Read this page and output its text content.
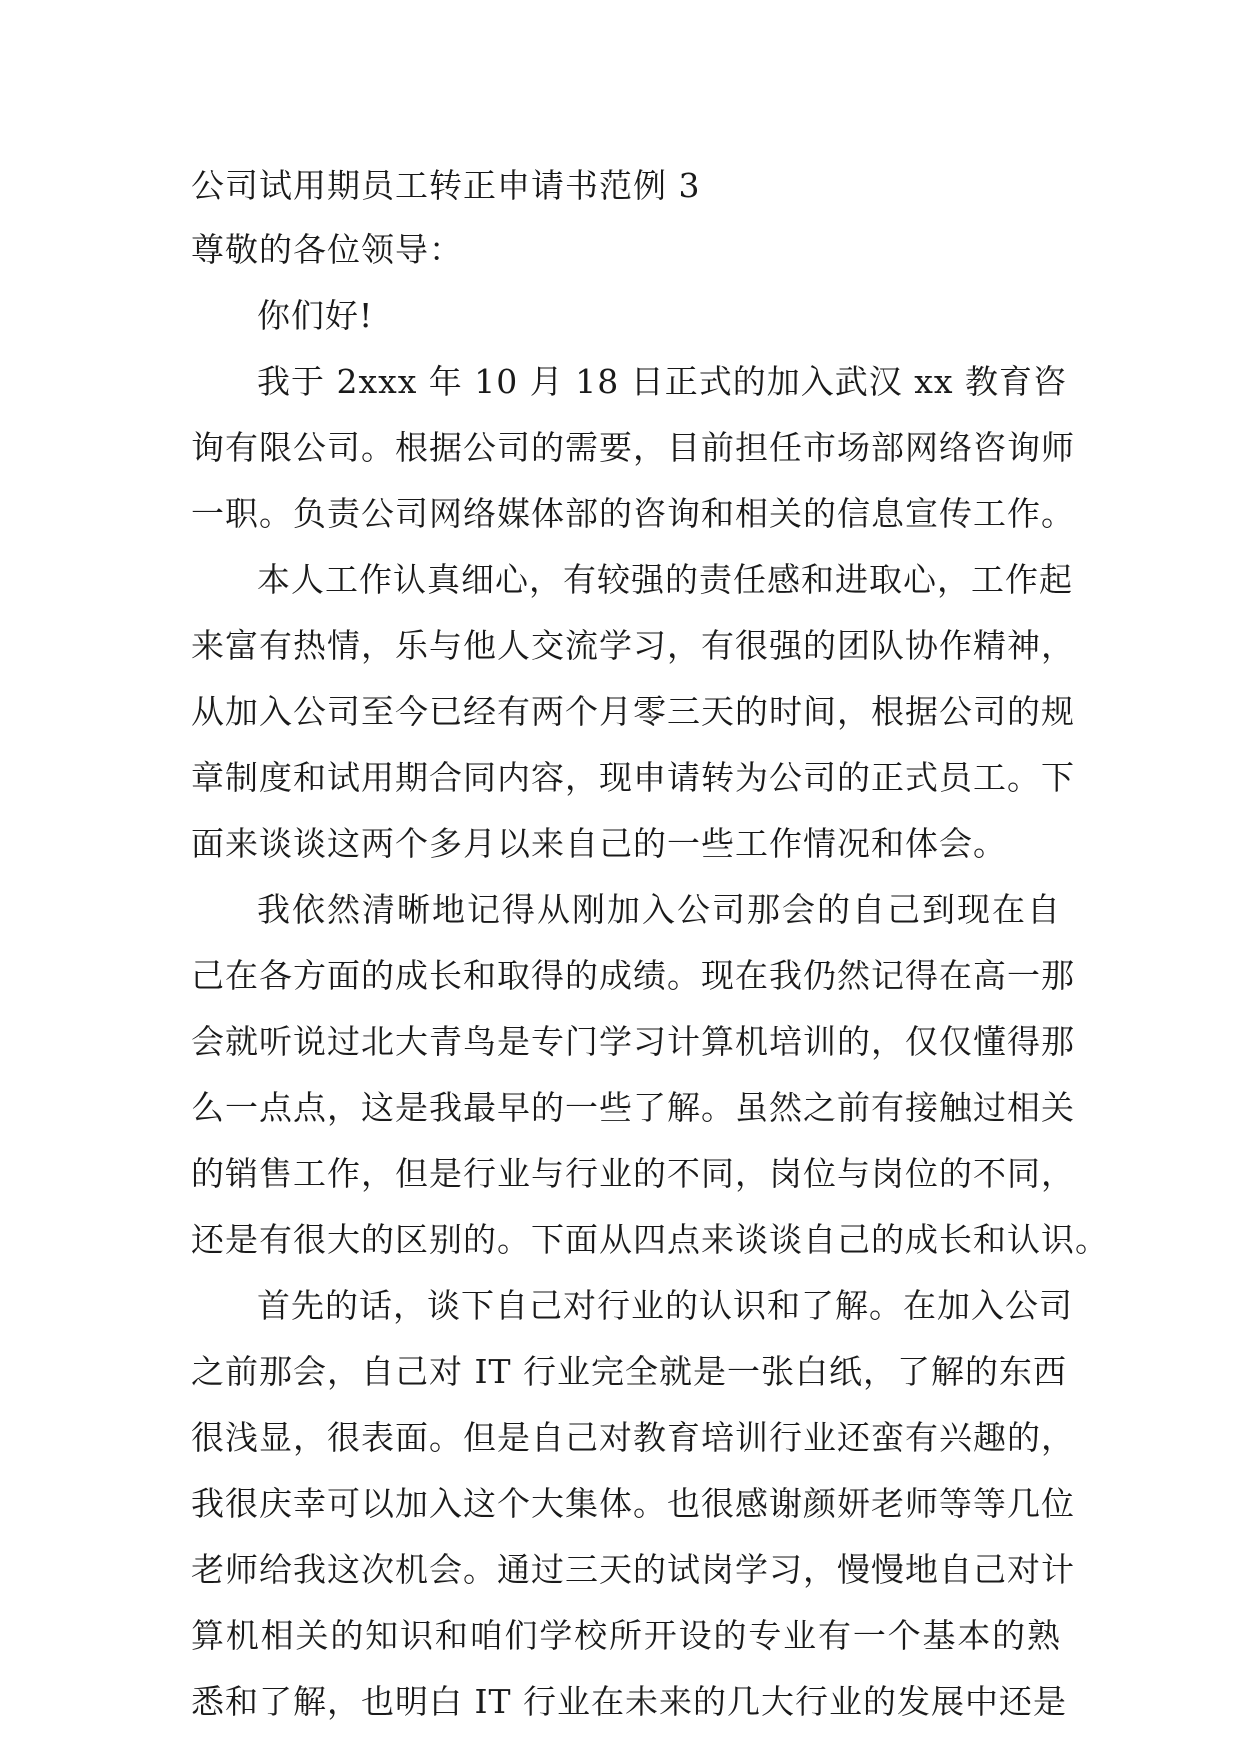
公司试用期员工转正申请书范例 3
尊敬的各位领导：
你们好!
我于 2xxx 年 10 月 18 日正式的加入武汉 xx 教育咨
询有限公司。根据公司的需要，目前担任市场部网络咨询师
一职。负责公司网络媒体部的咨询和相关的信息宣传工作。
本人工作认真细心，有较强的责任感和进取心，工作起
来富有热情，乐与他人交流学习，有很强的团队协作精神，
从加入公司至今已经有两个月零三天的时间，根据公司的规
章制度和试用期合同内容，现申请转为公司的正式员工。下
面来谈谈这两个多月以来自己的一些工作情况和体会。
我依然清晰地记得从刚加入公司那会的自己到现在自
己在各方面的成长和取得的成绩。现在我仍然记得在高一那
会就听说过北大青鸟是专门学习计算机培训的，仅仅懂得那
么一点点，这是我最早的一些了解。虽然之前有接触过相关
的销售工作，但是行业与行业的不同，岗位与岗位的不同，
还是有很大的区别的。下面从四点来谈谈自己的成长和认识。
首先的话，谈下自己对行业的认识和了解。在加入公司
之前那会，自己对 IT 行业完全就是一张白纸，了解的东西
很浅显，很表面。但是自己对教育培训行业还蛮有兴趣的，
我很庆幸可以加入这个大集体。也很感谢颜妍老师等等几位
老师给我这次机会。通过三天的试岗学习，慢慢地自己对计
算机相关的知识和咱们学校所开设的专业有一个基本的熟
悉和了解，也明白 IT 行业在未来的几大行业的发展中还是
